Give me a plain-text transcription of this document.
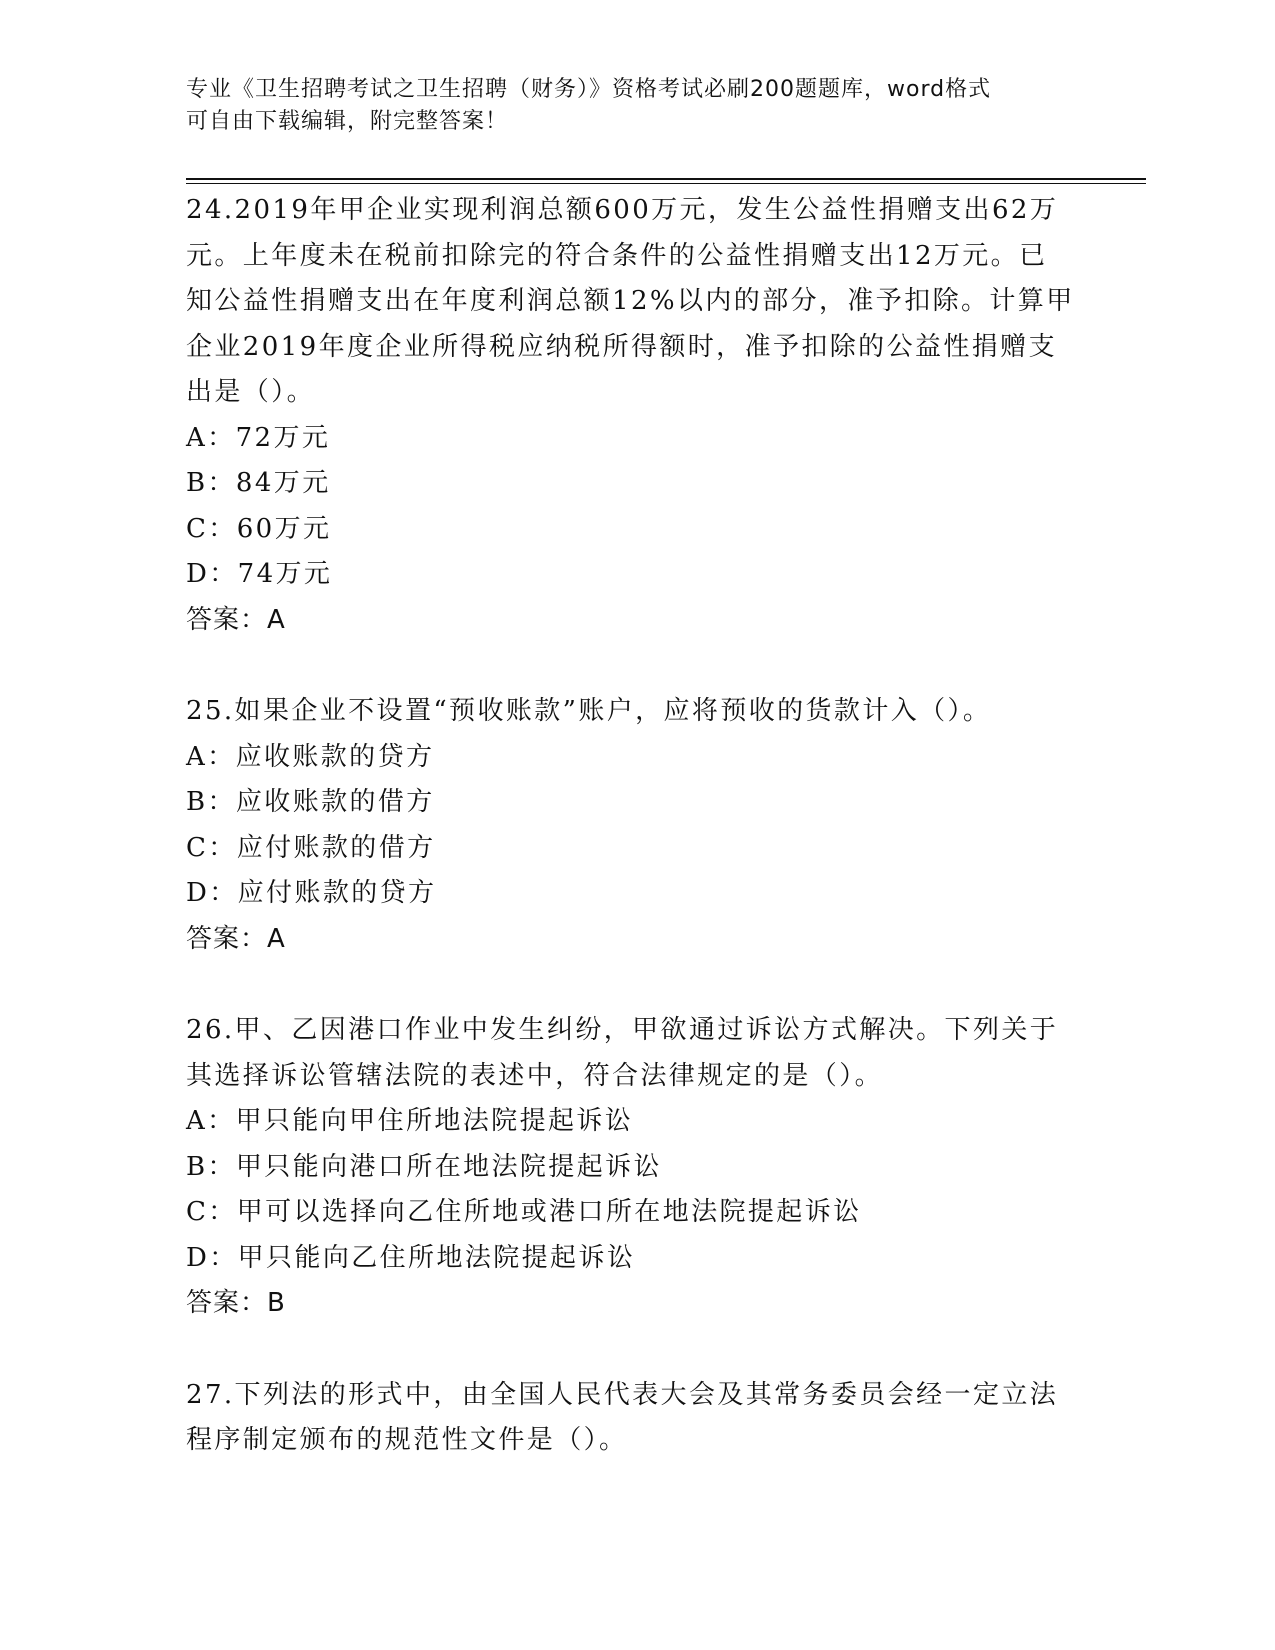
专业《卫生招聘考试之卫生招聘（财务）》资格考试必刷200题题库，word格式
可自由下载编辑，附完整答案！

24.2019年甲企业实现利润总额600万元，发生公益性捐赠支出62万

元。上年度未在税前扣除完的符合条件的公益性捐赠支出12万元。已

知公益性捐赠支出在年度利润总额12%以内的部分，准予扣除。计算甲

企业2019年度企业所得税应纳税所得额时，准予扣除的公益性捐赠支

出是（）。

A：72万元

B：84万元

C：60万元

D：74万元

答案：A

25.如果企业不设置“预收账款”账户，应将预收的货款计入（）。

A：应收账款的贷方

B：应收账款的借方

C：应付账款的借方

D：应付账款的贷方

答案：A

26.甲、乙因港口作业中发生纠纷，甲欲通过诉讼方式解决。下列关于

其选择诉讼管辖法院的表述中，符合法律规定的是（）。

A：甲只能向甲住所地法院提起诉讼

B：甲只能向港口所在地法院提起诉讼

C：甲可以选择向乙住所地或港口所在地法院提起诉讼

D：甲只能向乙住所地法院提起诉讼

答案：B

27.下列法的形式中，由全国人民代表大会及其常务委员会经一定立法

程序制定颁布的规范性文件是（）。
